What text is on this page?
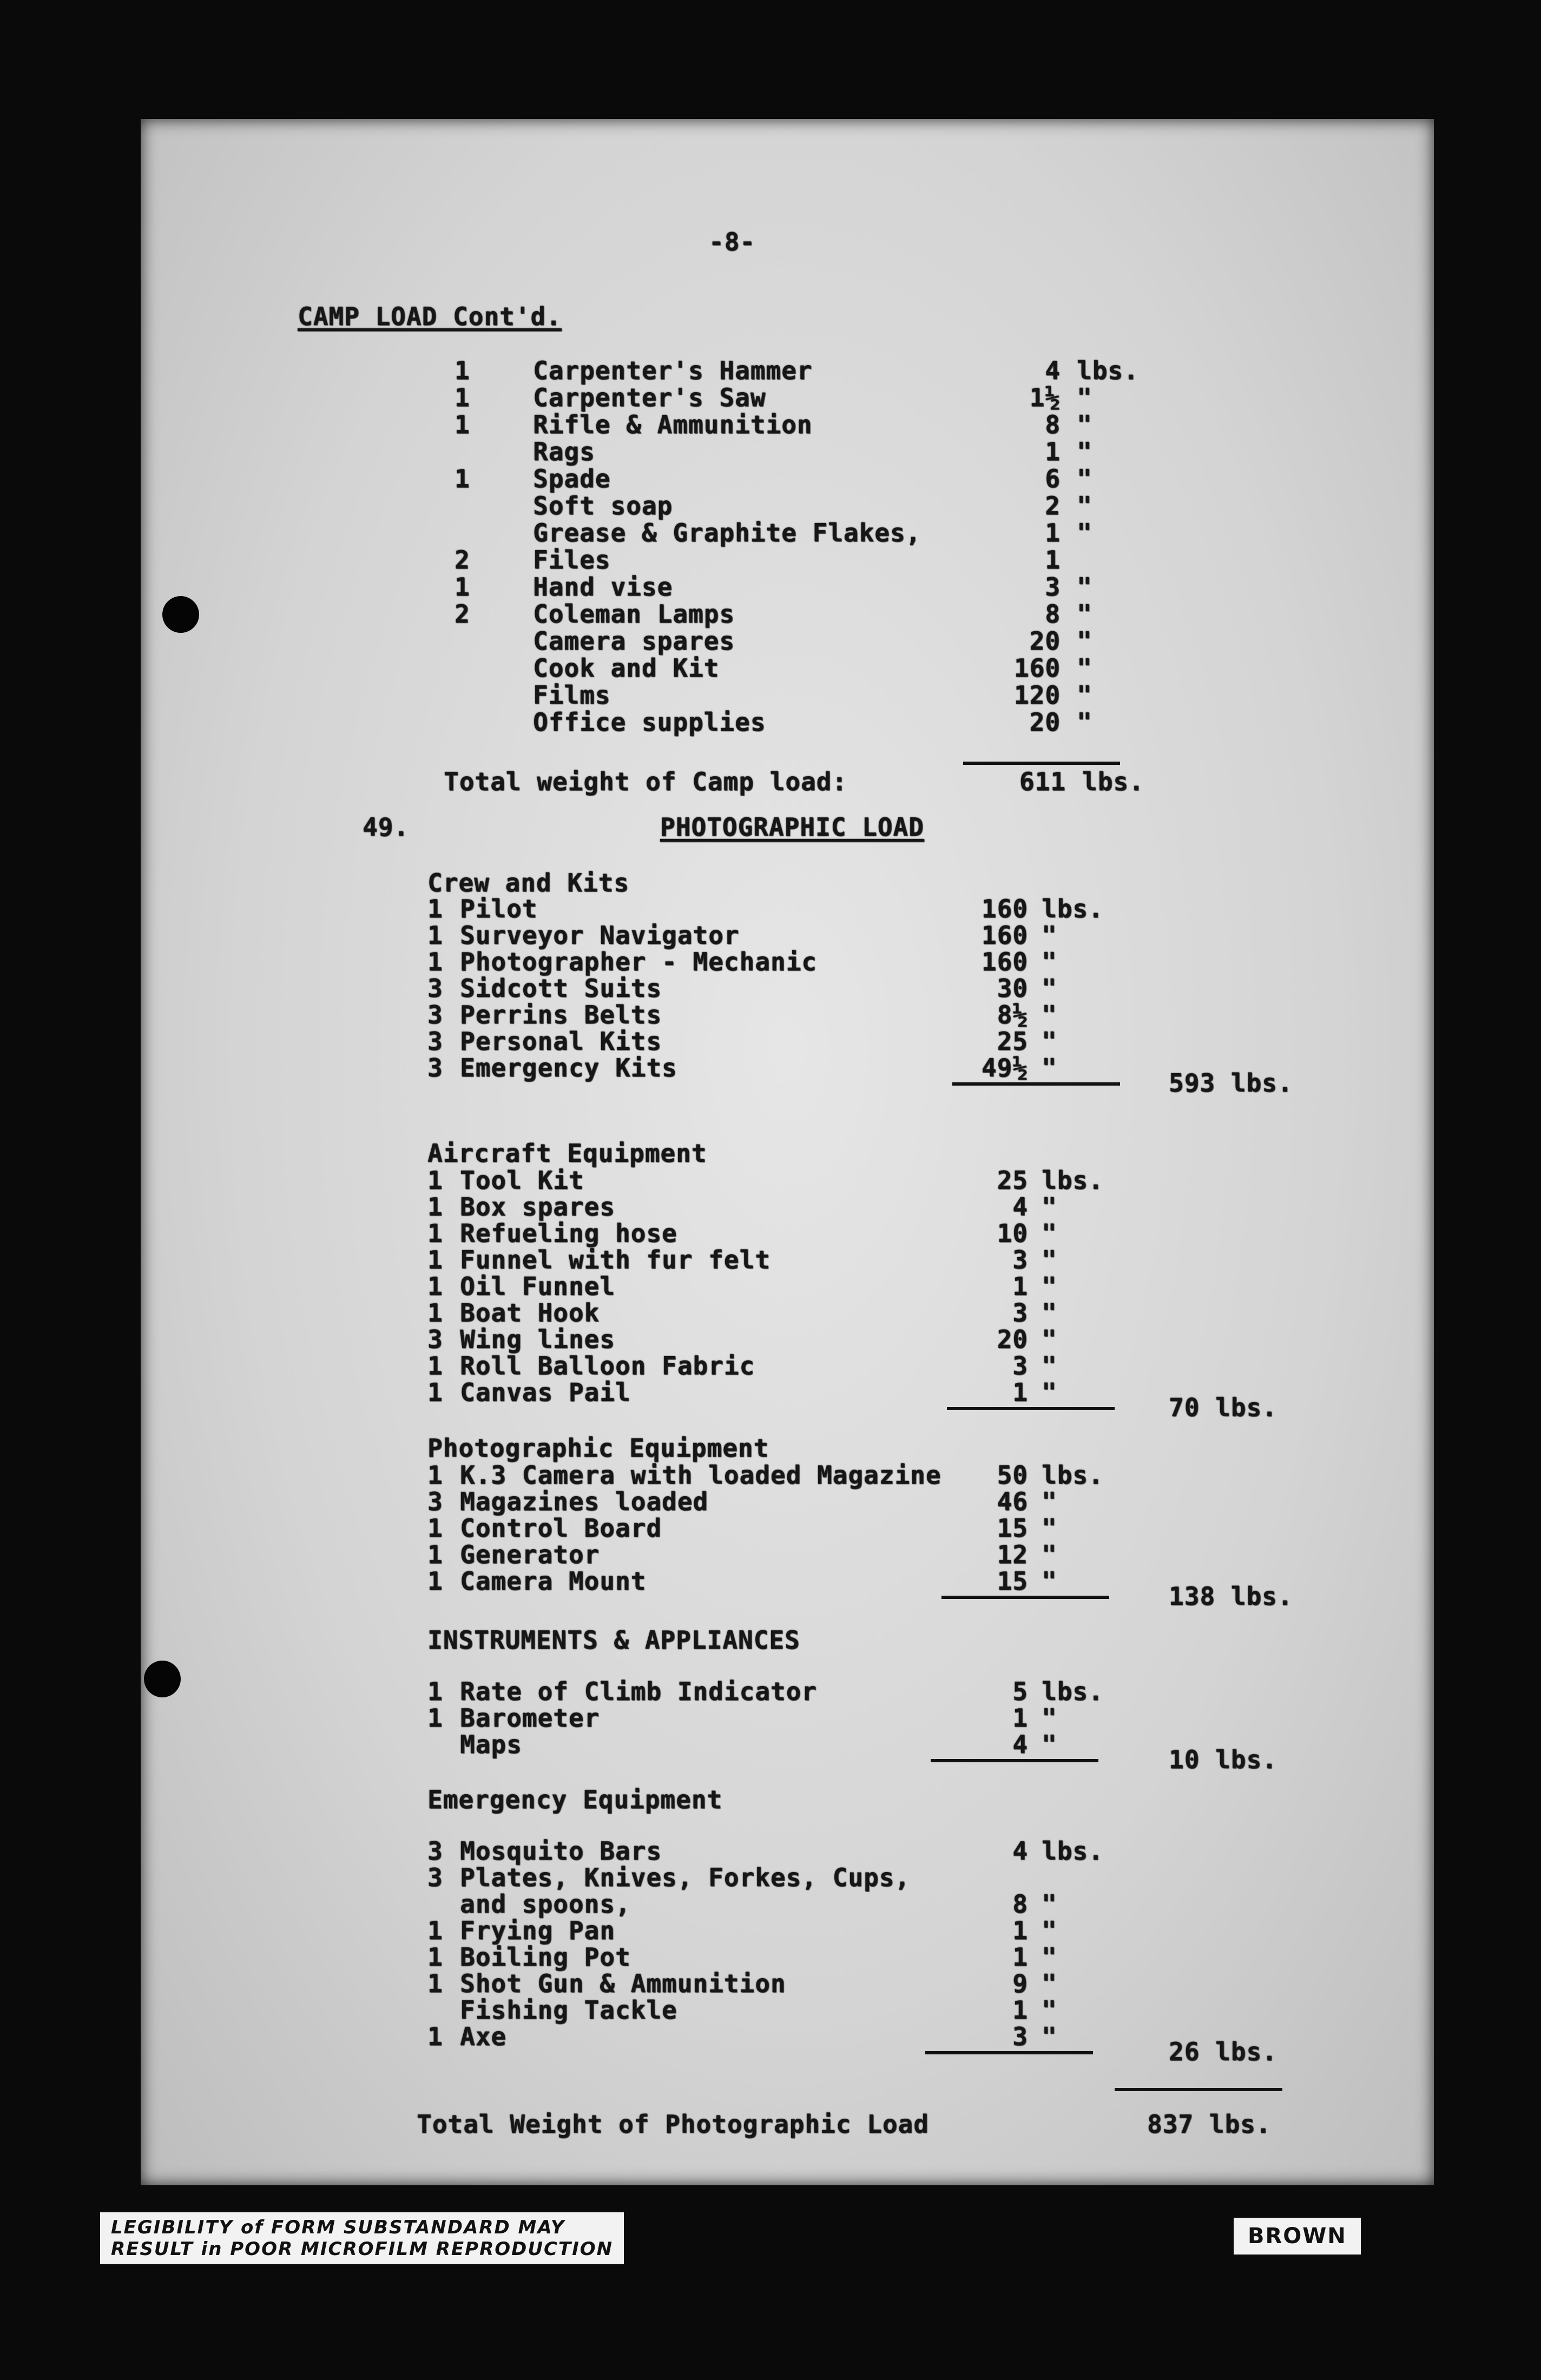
-8-
CAMP LOAD Cont'd.
1	Carpenter's Hammer	4 lbs.
1	Carpenter's Saw	1½ "
1	Rifle & Ammunition	8 "
Rags	1 "
1	Spade	6 "
Soft soap	2 "
Grease & Graphite Flakes,	1 "
2	Files	1
1	Hand vise	3 "
2	Coleman Lamps	8 "
Camera spares	20 "
Cook and Kit	160 "
Films	120 "
Office supplies	20 "
Total weight of Camp load:	611 lbs.
49.	PHOTOGRAPHIC LOAD
Crew and Kits
1 Pilot	160 lbs.
1 Surveyor Navigator	160 "
1 Photographer - Mechanic	160 "
3 Sidcott Suits	30 "
3 Perrins Belts	8½ "
3 Personal Kits	25 "
3 Emergency Kits	49½ "
593 lbs.
Aircraft Equipment
1 Tool Kit	25 lbs.
1 Box spares	4 "
1 Refueling hose	10 "
1 Funnel with fur felt	3 "
1 Oil Funnel	1 "
1 Boat Hook	3 "
3 Wing lines	20 "
1 Roll Balloon Fabric	3 "
1 Canvas Pail	1 "
70 lbs.
Photographic Equipment
1 K.3 Camera with loaded Magazine	50 lbs.
3 Magazines loaded	46 "
1 Control Board	15 "
1 Generator	12 "
1 Camera Mount	15 "
138 lbs.
INSTRUMENTS & APPLIANCES
1 Rate of Climb Indicator	5 lbs.
1 Barometer	1 "
Maps	4 "
10 lbs.
Emergency Equipment
3 Mosquito Bars	4 lbs.
3 Plates, Knives, Forkes, Cups,
and spoons,	8 "
1 Frying Pan	1 "
1 Boiling Pot	1 "
1 Shot Gun & Ammunition	9 "
Fishing Tackle	1 "
1 Axe	3 "
26 lbs.
Total Weight of Photographic Load	837 lbs.
LEGIBILITY of FORM SUBSTANDARD MAY
RESULT in POOR MICROFILM REPRODUCTION
BROWN
